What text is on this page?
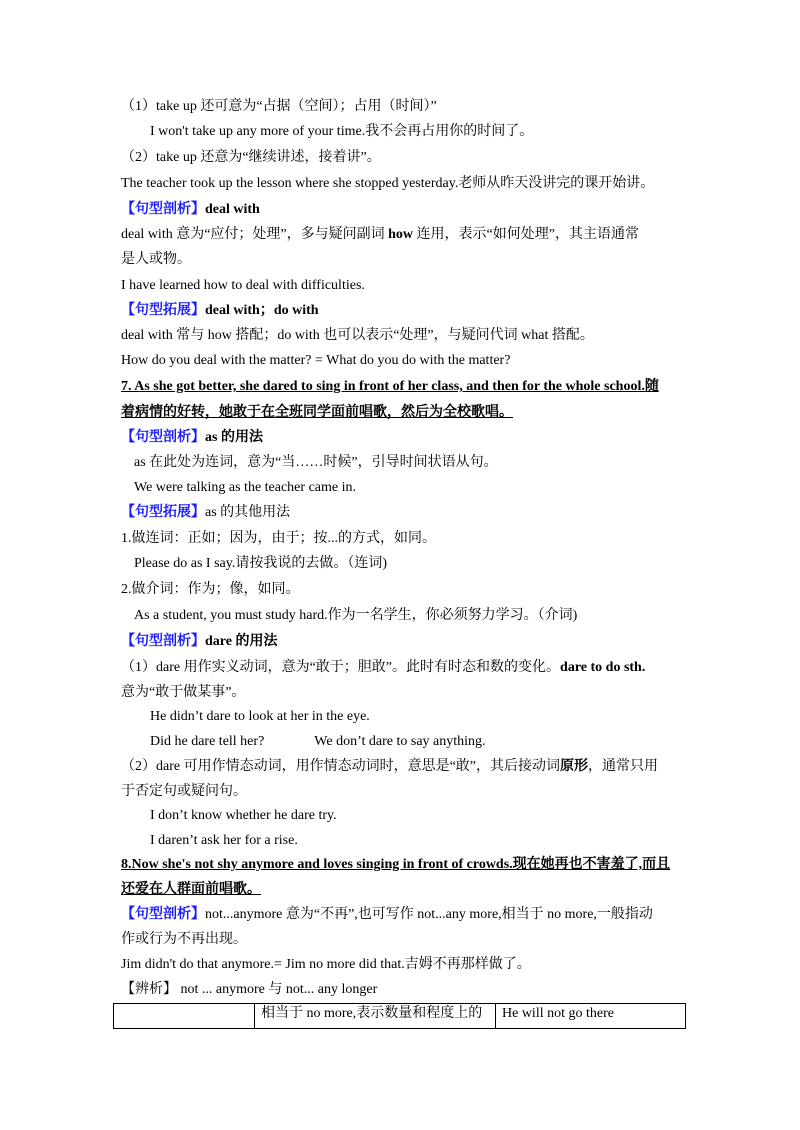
（1）take up 还可意为“占据（空间）；占用（时间）”
I won't take up any more of your time.我不会再占用你的时间了。
（2）take up 还意为“继续讲述，接着讲”。
The teacher took up the lesson where she stopped yesterday.老师从昨天没讲完的课开始讲。
【句型剖析】deal with
deal with 意为“应付；处理”，多与疑问副词 how 连用，表示“如何处理”，其主语通常
是人或物。
I have learned how to deal with difficulties.
【句型拓展】deal with；do with
deal with 常与 how 搭配；do with 也可以表示“处理”，与疑问代词 what 搭配。
How do you deal with the matter? = What do you do with the matter?
7. As she got better, she dared to sing in front of her class, and then for the whole school.随
着病情的好转，她敢于在全班同学面前唱歌，然后为全校歌唱。
【句型剖析】as 的用法
as 在此处为连词，意为“当……时候”，引导时间状语从句。
We were talking as the teacher came in.
【句型拓展】as 的其他用法
1.做连词：正如；因为，由于；按...的方式，如同。
Please do as I say.请按我说的去做。（连词)
2.做介词：作为；像，如同。
As a student, you must study hard.作为一名学生，你必须努力学习。（介词)
【句型剖析】dare 的用法
（1）dare 用作实义动词，意为“敢于；胆敢”。此时有时态和数的变化。dare to do sth.
意为“敢于做某事”。
He didn’t dare to look at her in the eye.
Did he dare tell her?	We don’t dare to say anything.
（2）dare 可用作情态动词，用作情态动词时，意思是“敢”，其后接动词原形，通常只用
于否定句或疑问句。
I don’t know whether he dare try.
I daren’t ask her for a rise.
8.Now she's not shy anymore and loves singing in front of crowds.现在她再也不害羞了,而且
还爱在人群面前唱歌。
【句型剖析】not...anymore 意为“不再”,也可写作 not...any more,相当于 no more,一般指动
作或行为不再出现。
Jim didn't do that anymore.= Jim no more did that.吉姆不再那样做了。
【辨析】 not ... anymore 与 not... any longer
	相当于 no more,表示数量和程度上的	He will not go there
